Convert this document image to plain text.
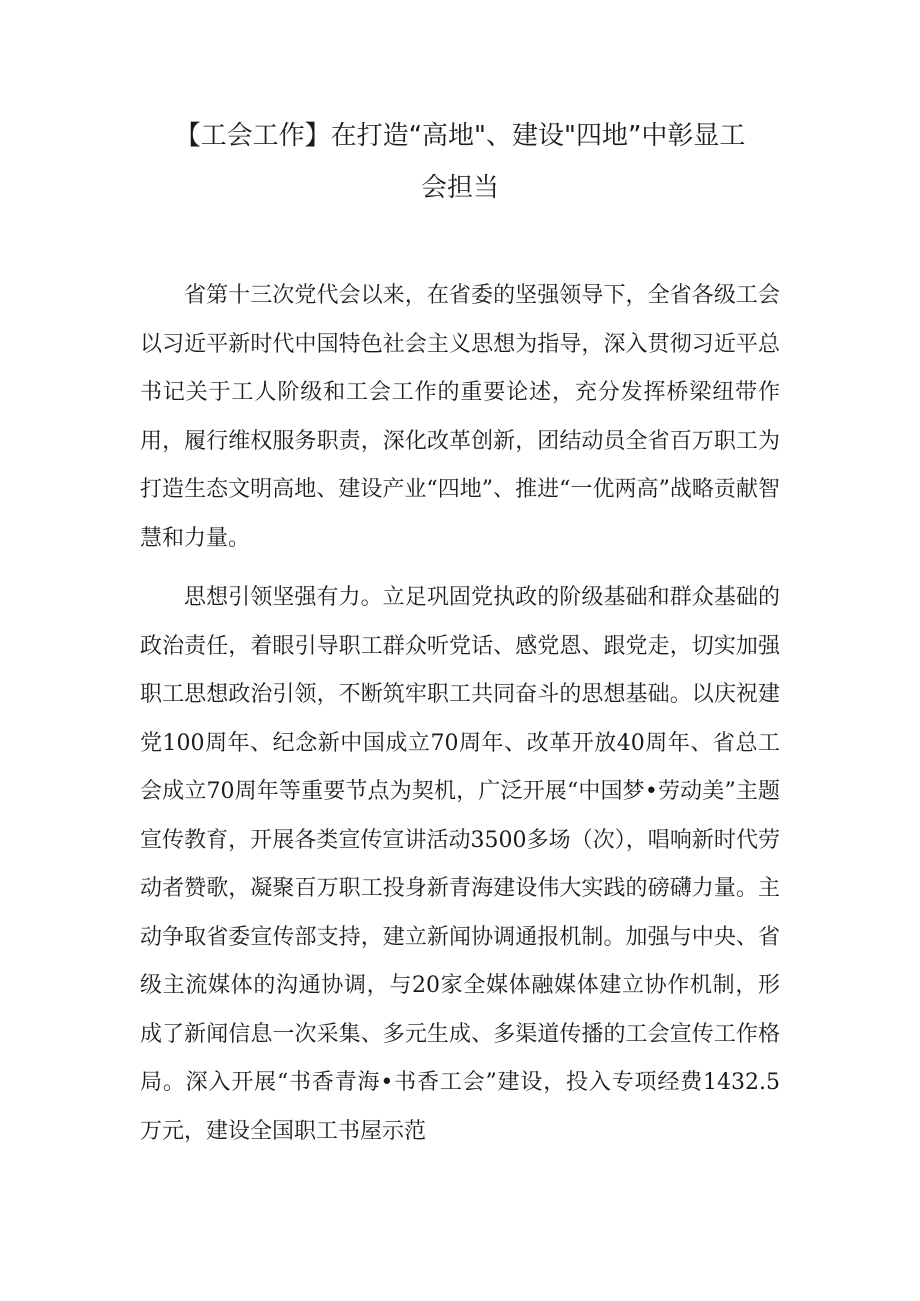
【工会工作】在打造“高地"、建设"四地”中彰显工
会担当

省第十三次党代会以来，在省委的坚强领导下，全省各级工会以习近平新时代中国特色社会主义思想为指导，深入贯彻习近平总书记关于工人阶级和工会工作的重要论述，充分发挥桥梁纽带作用，履行维权服务职责，深化改革创新，团结动员全省百万职工为打造生态文明高地、建设产业“四地”、推进“一优两高”战略贡献智慧和力量。

思想引领坚强有力。立足巩固党执政的阶级基础和群众基础的政治责任，着眼引导职工群众听党话、感党恩、跟党走，切实加强职工思想政治引领，不断筑牢职工共同奋斗的思想基础。以庆祝建党100周年、纪念新中国成立70周年、改革开放40周年、省总工会成立70周年等重要节点为契机，广泛开展“中国梦•劳动美”主题宣传教育，开展各类宣传宣讲活动3500多场（次），唱响新时代劳动者赞歌，凝聚百万职工投身新青海建设伟大实践的磅礴力量。主动争取省委宣传部支持，建立新闻协调通报机制。加强与中央、省级主流媒体的沟通协调，与20家全媒体融媒体建立协作机制，形成了新闻信息一次采集、多元生成、多渠道传播的工会宣传工作格局。深入开展“书香青海•书香工会”建设，投入专项经费1432.5万元，建设全国职工书屋示范
